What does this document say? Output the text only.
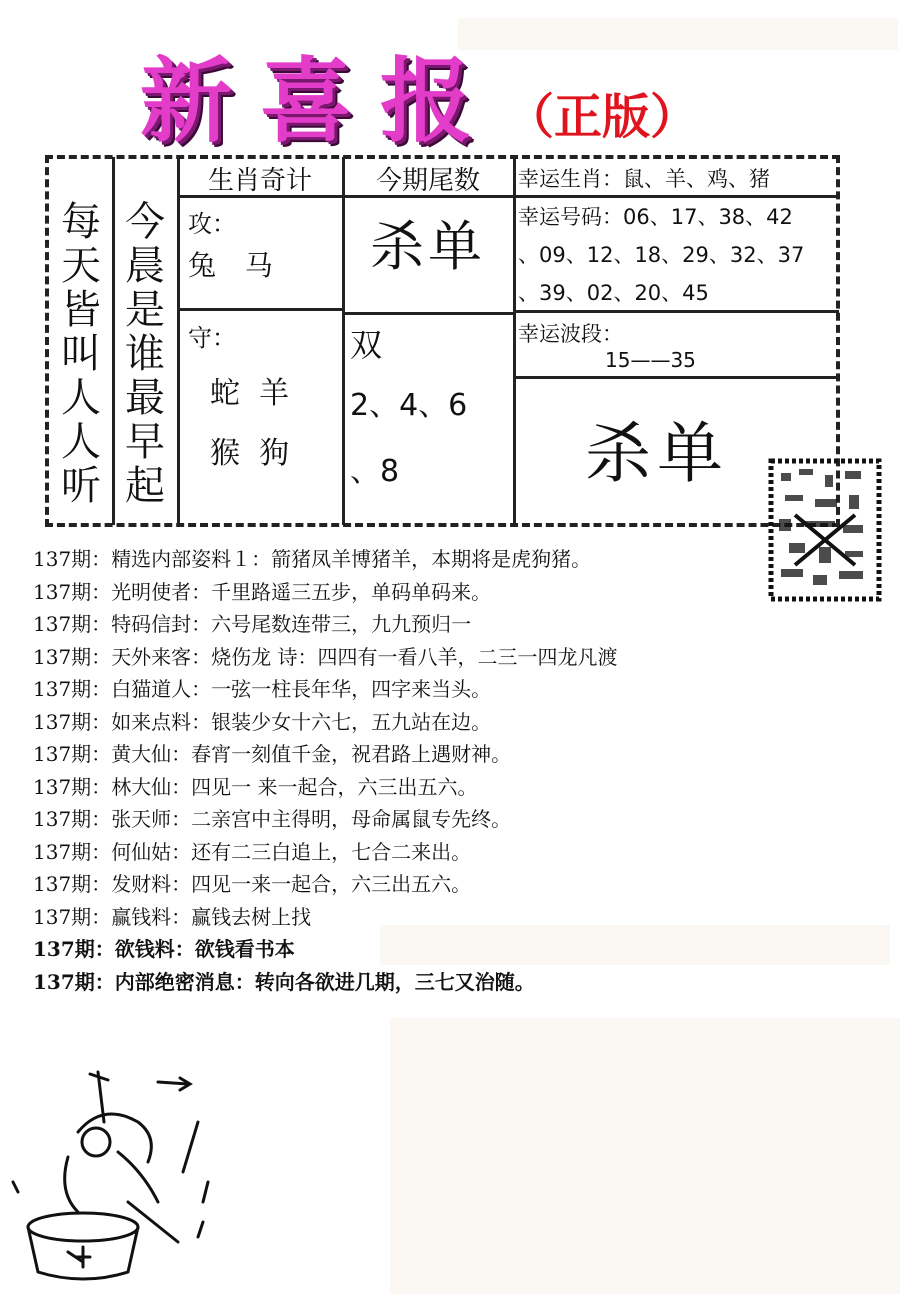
新喜报 （正版）
每
天
皆
叫
人
人
听
今
晨
是
谁
最
早
起
生肖奇计	今期尾数
攻：
兔 马
守：
蛇  羊
猴  狗
杀单
双
2、4、6
、8
幸运生肖：鼠、羊、鸡、猪
幸运号码：06、17、38、42
、09、12、18、29、32、37
、39、02、20、45
幸运波段：
15——35
杀单
137期：精选内部姿料１：箭猪凤羊博猪羊，本期将是虎狗猪。
137期：光明使者：千里路遥三五步，单码单码来。
137期：特码信封：六号尾数连带三，九九预归一
137期：天外来客：烧伤龙 诗：四四有一看八羊，二三一四龙凡渡
137期：白猫道人：一弦一柱長年华，四字来当头。
137期：如来点料：银装少女十六七，五九站在边。
137期：黄大仙：春宵一刻值千金，祝君路上遇财神。
137期：林大仙：四见一 来一起合，六三出五六。
137期：张天师：二亲宫中主得明，母命属鼠专先终。
137期：何仙姑：还有二三白追上，七合二来出。
137期：发财料：四见一来一起合，六三出五六。
137期：赢钱料：赢钱去树上找
137期：欲钱料：欲钱看书本
137期：内部绝密消息：转向各欲进几期，三七又治随。
